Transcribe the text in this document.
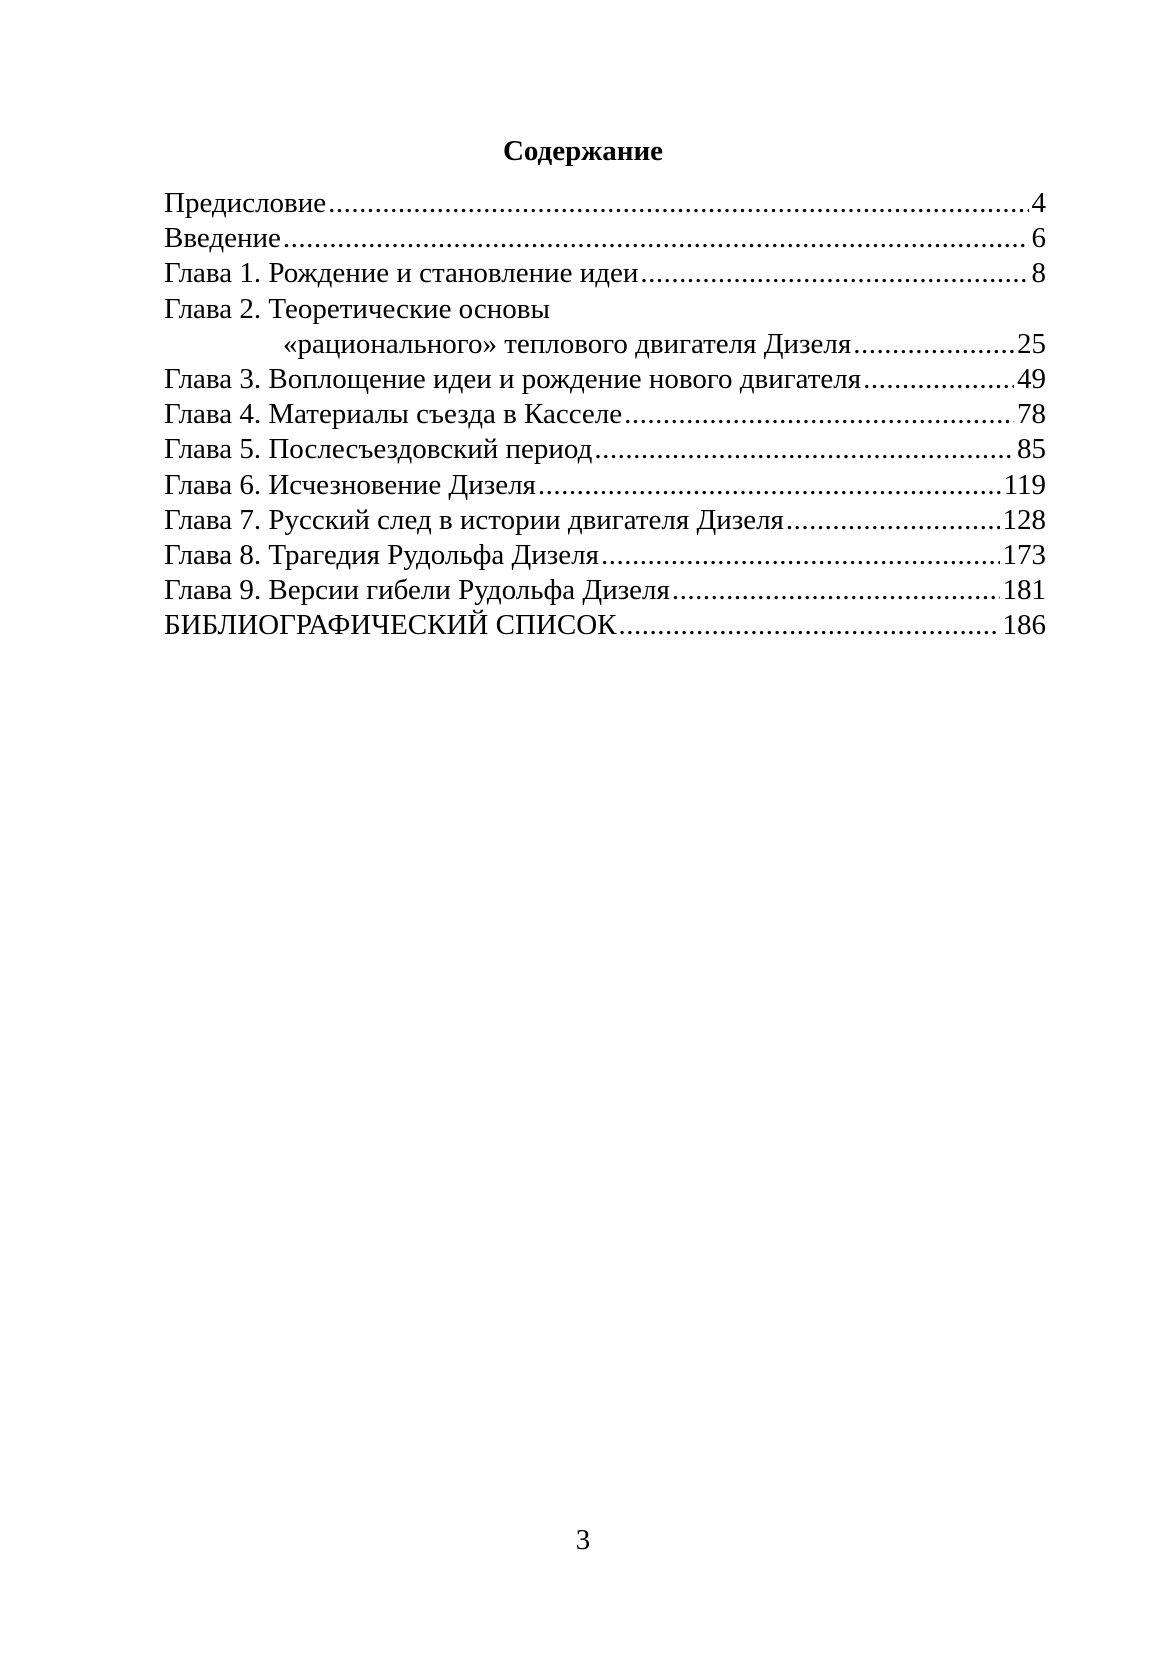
Содержание
Предисловие .....	4
Введение .....	6
Глава 1. Рождение и становление идеи .....	8
Глава 2. Теоретические основы
«рационального» теплового двигателя Дизеля .....	25
Глава 3. Воплощение идеи и рождение нового двигателя .....	49
Глава 4. Материалы съезда в Касселе .....	78
Глава 5. Послесъездовский период .....	85
Глава 6. Исчезновение Дизеля .....	119
Глава 7. Русский след в истории двигателя Дизеля .....	128
Глава 8. Трагедия Рудольфа Дизеля .....	173
Глава 9. Версии гибели Рудольфа Дизеля .....	181
БИБЛИОГРАФИЧЕСКИЙ СПИСОК .....	186
3
